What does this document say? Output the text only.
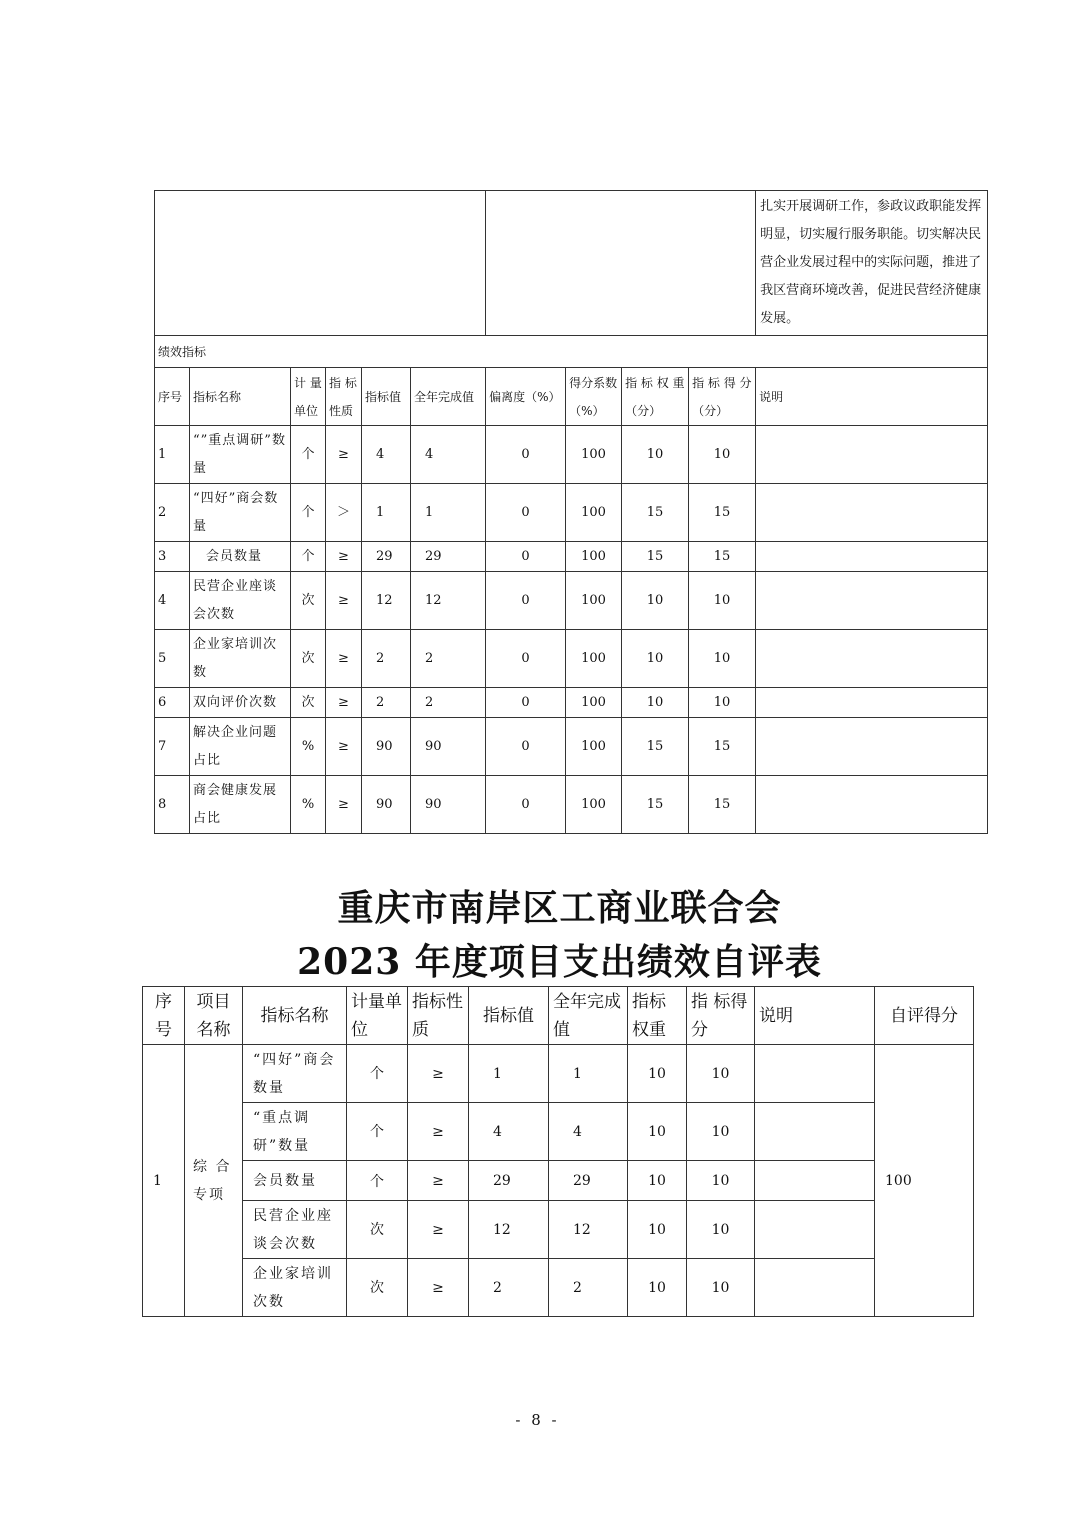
										扎实开展调研工作，参政议政职能发挥明显，切实履行服务职能。切实解决民营企业发展过程中的实际问题，推进了我区营商环境改善，促进民营经济健康发展。
绩效指标										
序号	指标名称	计 量单位	指 标性质	指标值	全年完成值	偏离度（%）	得分系数（%）	指 标 权 重（分）	指 标 得 分（分）	说明
1	“”重点调研”数量	个	≥	4	4	0	100	10	10	
2	“四好”商会数量	个	＞	1	1	0	100	15	15	
3	会员数量	个	≥	29	29	0	100	15	15	
4	民营企业座谈会次数	次	≥	12	12	0	100	10	10	
5	企业家培训次数	次	≥	2	2	0	100	10	10	
6	双向评价次数	次	≥	2	2	0	100	10	10	
7	解决企业问题占比	%	≥	90	90	0	100	15	15	
8	商会健康发展占比	%	≥	90	90	0	100	15	15	
重庆市南岸区工商业联合会
2023 年度项目支出绩效自评表
序号	项目名称	指标名称	计量单位	指标性质	指标值	全年完成值	指标权重	指 标得分	说明	自评得分
1	综 合专项	“四好”商会数量	个	≥	1	1	10	10		100
		“重点调研”数量	个	≥	4	4	10	10		
		会员数量	个	≥	29	29	10	10		
		民营企业座谈会次数	次	≥	12	12	10	10		
		企业家培训次数	次	≥	2	2	10	10		
- 8 -
